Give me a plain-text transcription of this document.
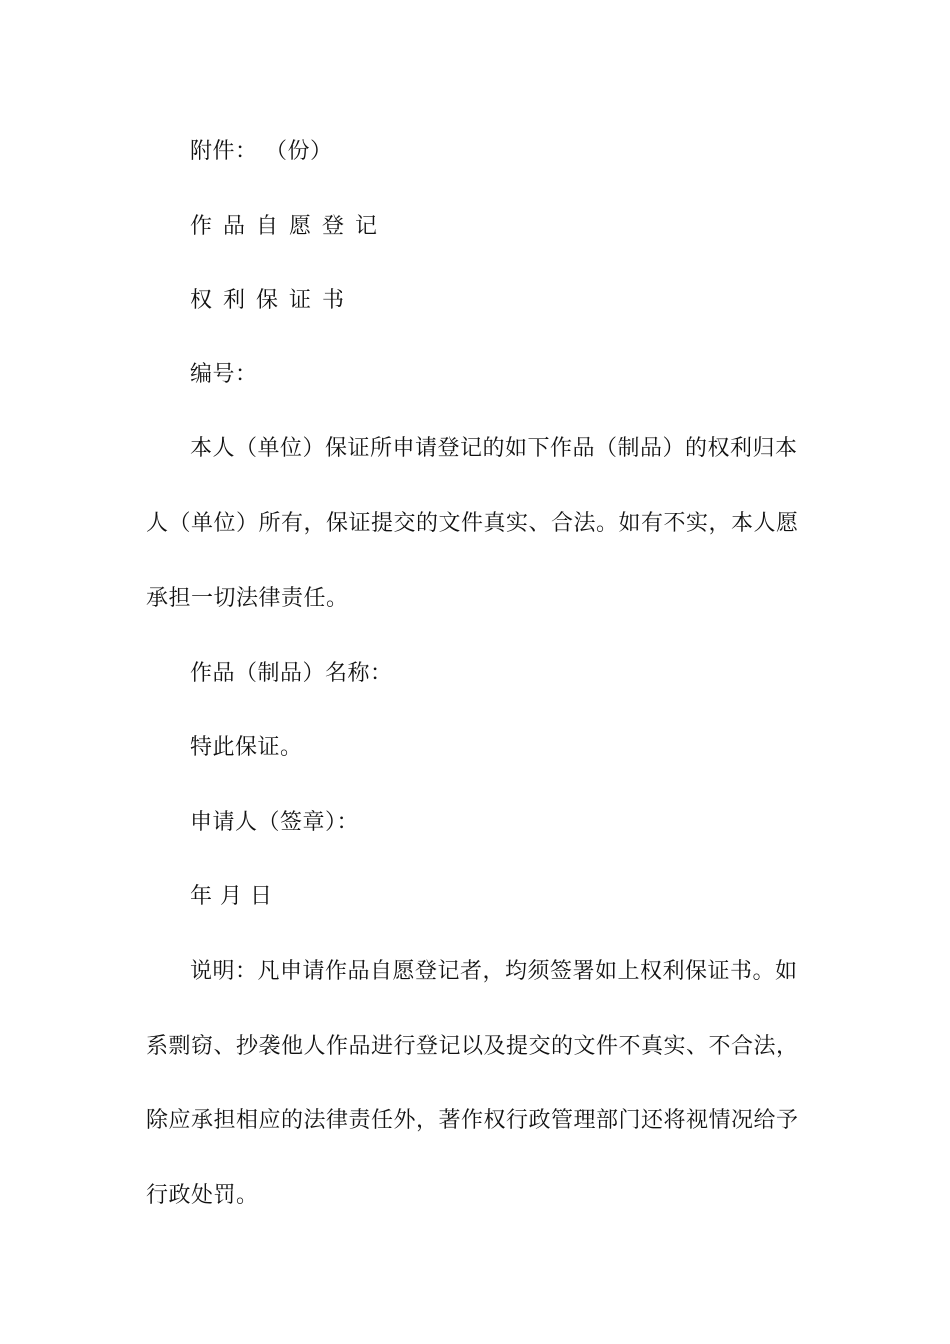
附件： （份）
作品自愿登记
权利保证书
编号：
本人（单位）保证所申请登记的如下作品（制品）的权利归本
人（单位）所有，保证提交的文件真实、合法。如有不实，本人愿
承担一切法律责任。
作品（制品）名称：
特此保证。
申请人（签章）：
年 月 日
说明：凡申请作品自愿登记者，均须签署如上权利保证书。如
系剽窃、抄袭他人作品进行登记以及提交的文件不真实、不合法，
除应承担相应的法律责任外，著作权行政管理部门还将视情况给予
行政处罚。
